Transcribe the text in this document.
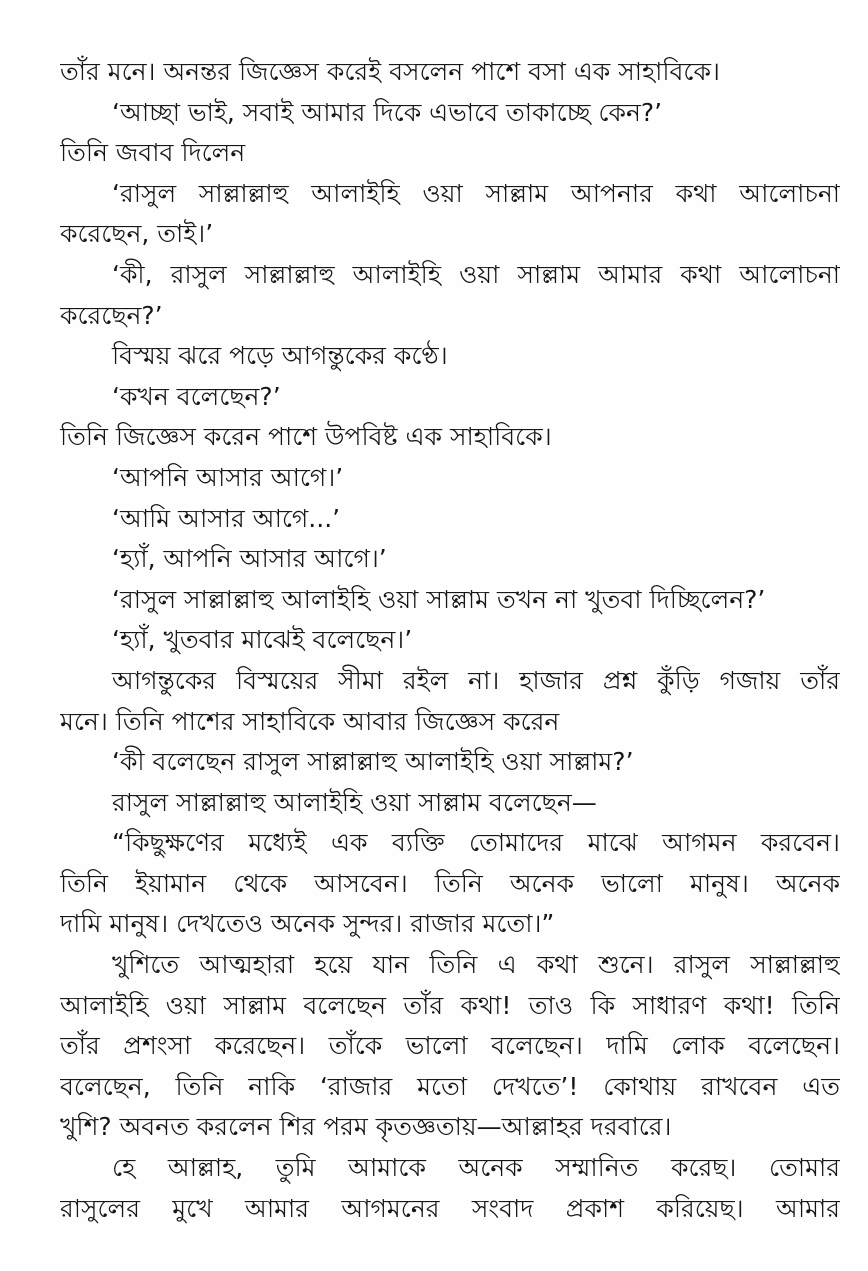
তাঁর মনে। অনন্তর জিজ্ঞেস করেই বসলেন পাশে বসা এক সাহাবিকে।
‘আচ্ছা ভাই, সবাই আমার দিকে এভাবে তাকাচ্ছে কেন?’
তিনি জবাব দিলেন
‘রাসুল সাল্লাল্লাহু আলাইহি ওয়া সাল্লাম আপনার কথা আলোচনা
করেছেন, তাই।’
‘কী, রাসুল সাল্লাল্লাহু আলাইহি ওয়া সাল্লাম আমার কথা আলোচনা
করেছেন?’
বিস্ময় ঝরে পড়ে আগন্তুকের কণ্ঠে।
‘কখন বলেছেন?’
তিনি জিজ্ঞেস করেন পাশে উপবিষ্ট এক সাহাবিকে।
‘আপনি আসার আগে।’
‘আমি আসার আগে...’
‘হ্যাঁ, আপনি আসার আগে।’
‘রাসুল সাল্লাল্লাহু আলাইহি ওয়া সাল্লাম তখন না খুতবা দিচ্ছিলেন?’
‘হ্যাঁ, খুতবার মাঝেই বলেছেন।’
আগন্তুকের বিস্ময়ের সীমা রইল না। হাজার প্রশ্ন কুঁড়ি গজায় তাঁর
মনে। তিনি পাশের সাহাবিকে আবার জিজ্ঞেস করেন
‘কী বলেছেন রাসুল সাল্লাল্লাহু আলাইহি ওয়া সাল্লাম?’
রাসুল সাল্লাল্লাহু আলাইহি ওয়া সাল্লাম বলেছেন—
“কিছুক্ষণের মধ্যেই এক ব্যক্তি তোমাদের মাঝে আগমন করবেন।
তিনি ইয়ামান থেকে আসবেন। তিনি অনেক ভালো মানুষ। অনেক
দামি মানুষ। দেখতেও অনেক সুন্দর। রাজার মতো।”
খুশিতে আত্মহারা হয়ে যান তিনি এ কথা শুনে। রাসুল সাল্লাল্লাহু
আলাইহি ওয়া সাল্লাম বলেছেন তাঁর কথা! তাও কি সাধারণ কথা! তিনি
তাঁর প্রশংসা করেছেন। তাঁকে ভালো বলেছেন। দামি লোক বলেছেন।
বলেছেন, তিনি নাকি ‘রাজার মতো দেখতে’! কোথায় রাখবেন এত
খুশি? অবনত করলেন শির পরম কৃতজ্ঞতায়—আল্লাহর দরবারে।
হে আল্লাহ, তুমি আমাকে অনেক সম্মানিত করেছ। তোমার
রাসুলের মুখে আমার আগমনের সংবাদ প্রকাশ করিয়েছ। আমার
